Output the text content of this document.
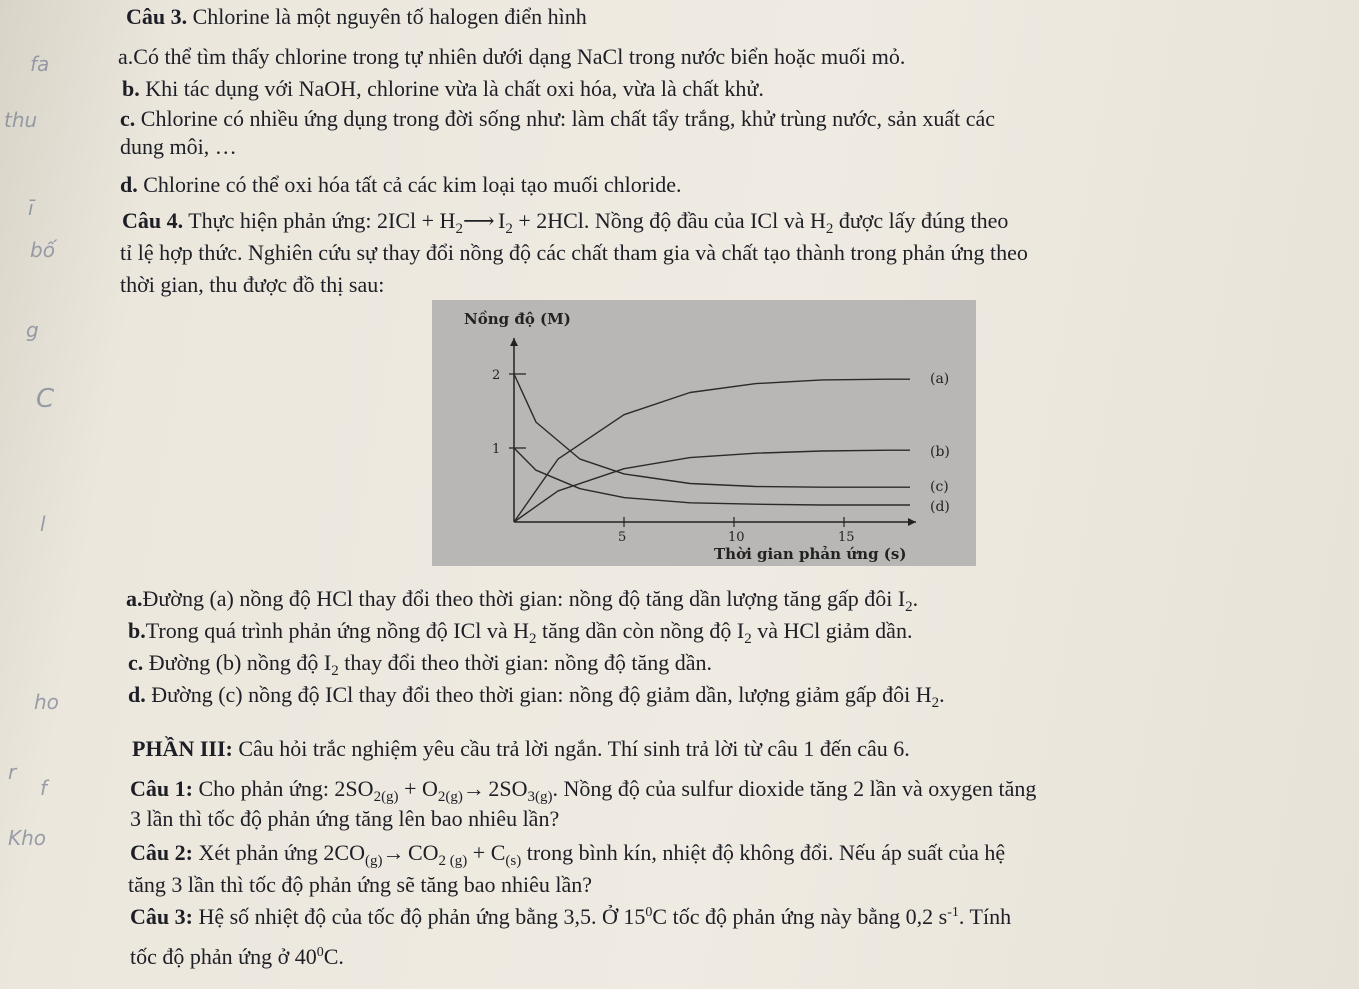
fa
thu
ī
bố
g
C
l
ho
r
f
Kho
Câu 3. Chlorine là một nguyên tố halogen điển hình
a.Có thể tìm thấy chlorine trong tự nhiên dưới dạng NaCl trong nước biển hoặc muối mỏ.
b. Khi tác dụng với NaOH, chlorine vừa là chất oxi hóa, vừa là chất khử.
c. Chlorine có nhiều ứng dụng trong đời sống như: làm chất tẩy trắng, khử trùng nước, sản xuất các
dung môi, …
d. Chlorine có thể oxi hóa tất cả các kim loại tạo muối chloride.
Câu 4. Thực hiện phản ứng: $2ICl + H_2⟶$ $I_2 + 2HCl$. Nồng độ đầu của ICl và $H_2$ được lấy đúng theo
tỉ lệ hợp thức. Nghiên cứu sự thay đổi nồng độ các chất tham gia và chất tạo thành trong phản ứng theo
thời gian, thu được đồ thị sau:
Nồng độ (M)
Thời gian phản ứng (s)
2
1
5	10	15
(a)
(b)
(c)
(d)
a.Đường (a) nồng độ HCl thay đổi theo thời gian: nồng độ tăng dần lượng tăng gấp đôi $I_2$.
b.Trong quá trình phản ứng nồng độ ICl và $H_2$ tăng dần còn nồng độ $I_2$ và HCl giảm dần.
c. Đường (b) nồng độ $I_2$ thay đổi theo thời gian: nồng độ tăng dần.
d. Đường (c) nồng độ ICl thay đổi theo thời gian: nồng độ giảm dần, lượng giảm gấp đôi $H_2$.
PHẦN III: Câu hỏi trắc nghiệm yêu cầu trả lời ngắn. Thí sinh trả lời từ câu 1 đến câu 6.
Câu 1: Cho phản ứng: $2SO_{2(g)} + O_{2(g)}\to 2SO_{3(g)}$. Nồng độ của sulfur dioxide tăng 2 lần và oxygen tăng
3 lần thì tốc độ phản ứng tăng lên bao nhiêu lần?
Câu 2: Xét phản ứng $2CO_{(g)}\to CO_{2 (g)} + C_{(s)}$ trong bình kín, nhiệt độ không đổi. Nếu áp suất của hệ
tăng 3 lần thì tốc độ phản ứng sẽ tăng bao nhiêu lần?
Câu 3: Hệ số nhiệt độ của tốc độ phản ứng bằng 3,5. Ở $15^0C$ tốc độ phản ứng này bằng 0,2 $s^{-1}$. Tính
tốc độ phản ứng ở $40^0C$.
